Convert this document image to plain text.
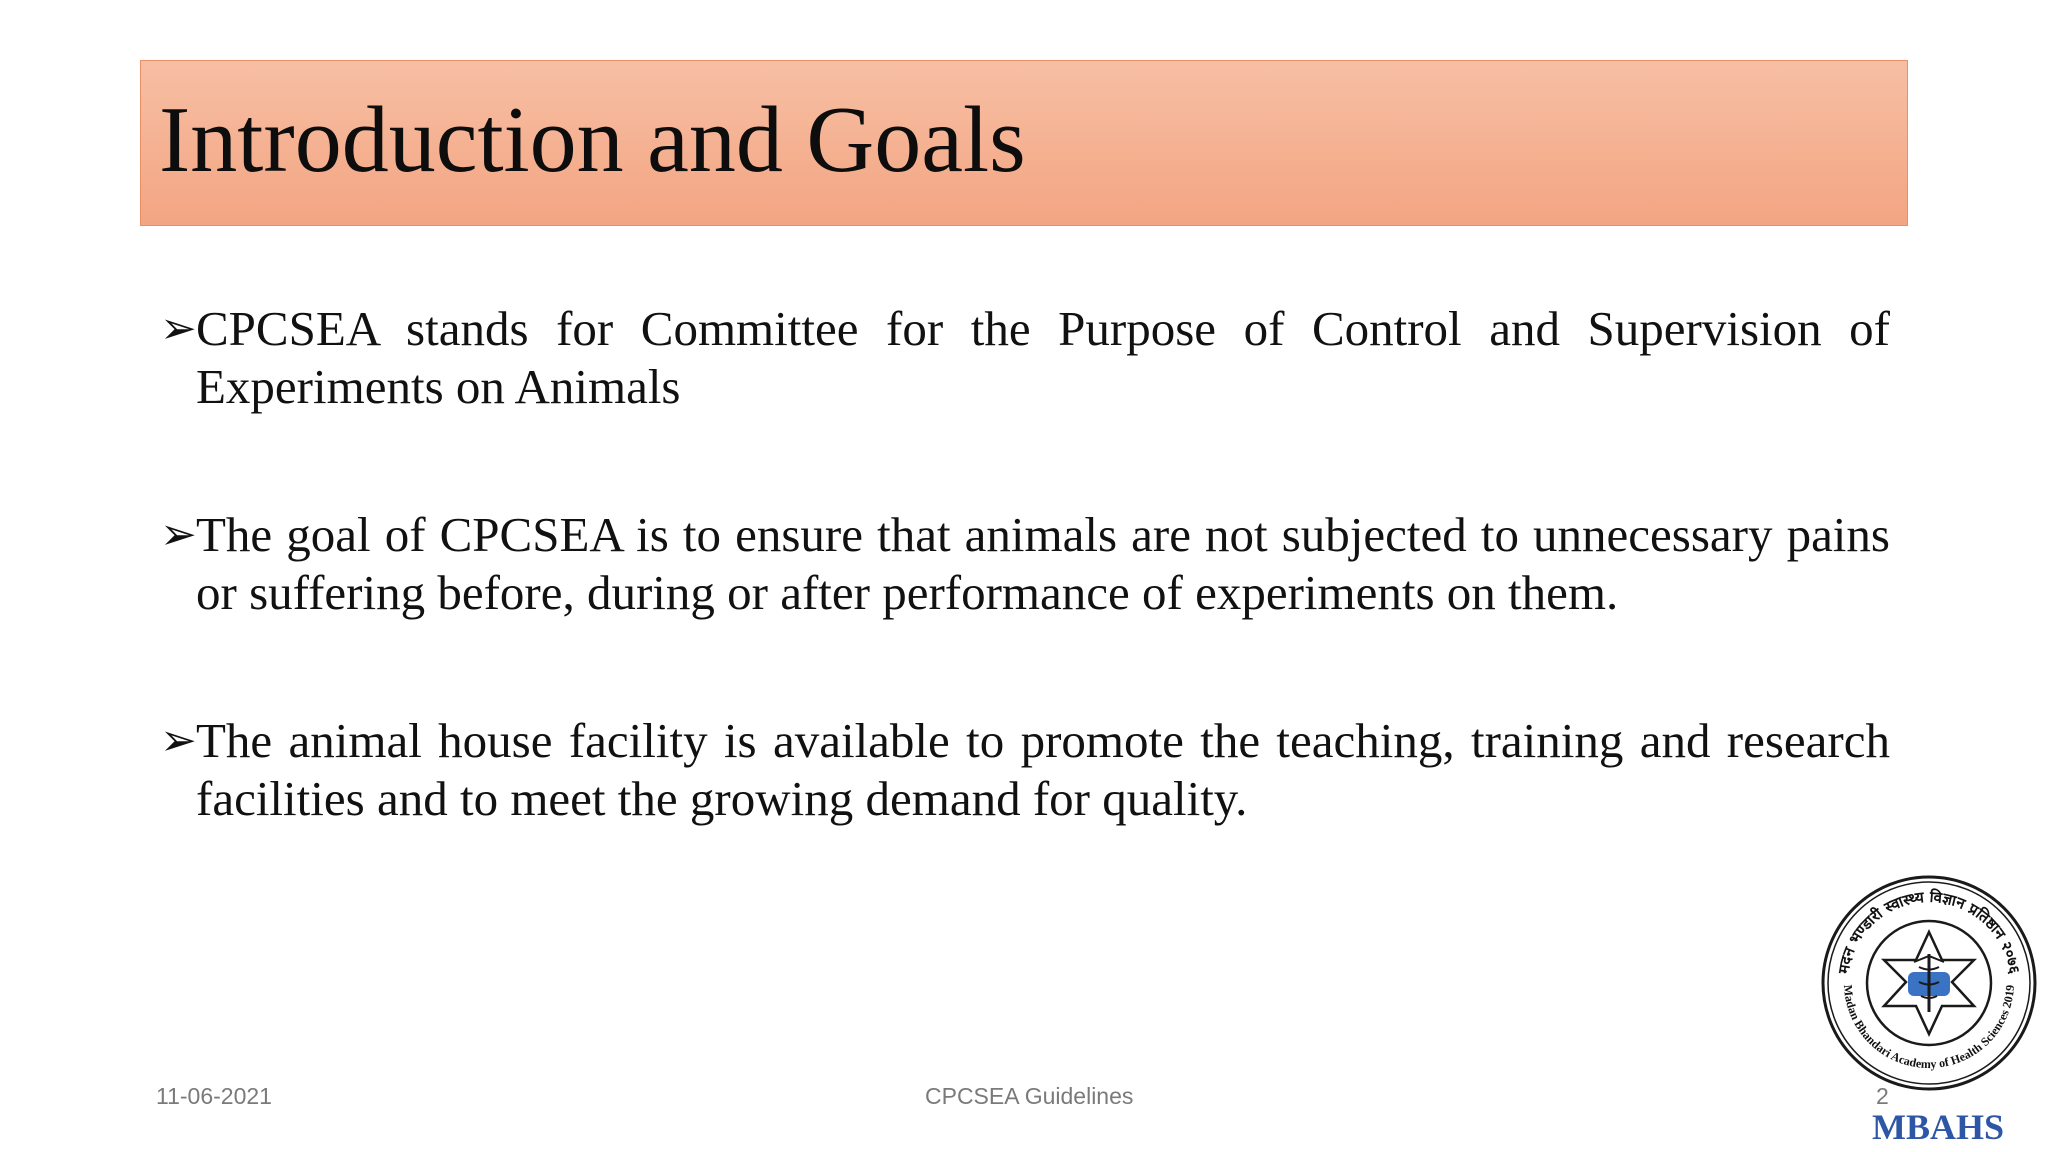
Introduction and Goals
➢ CPCSEA stands for Committee for the Purpose of Control and Supervision of Experiments on Animals
➢ The goal of CPCSEA is to ensure that animals are not subjected to unnecessary pains or suffering before, during or after performance of experiments on them.
➢ The animal house facility is available to promote the teaching, training and research facilities and to meet the growing demand for quality.
11-06-2021	CPCSEA Guidelines	2
मदन भण्डारी स्वास्थ्य विज्ञान प्रतिष्ठान २०७६
Madan Bhandari Academy of Health Sciences 2019
MBAHS
